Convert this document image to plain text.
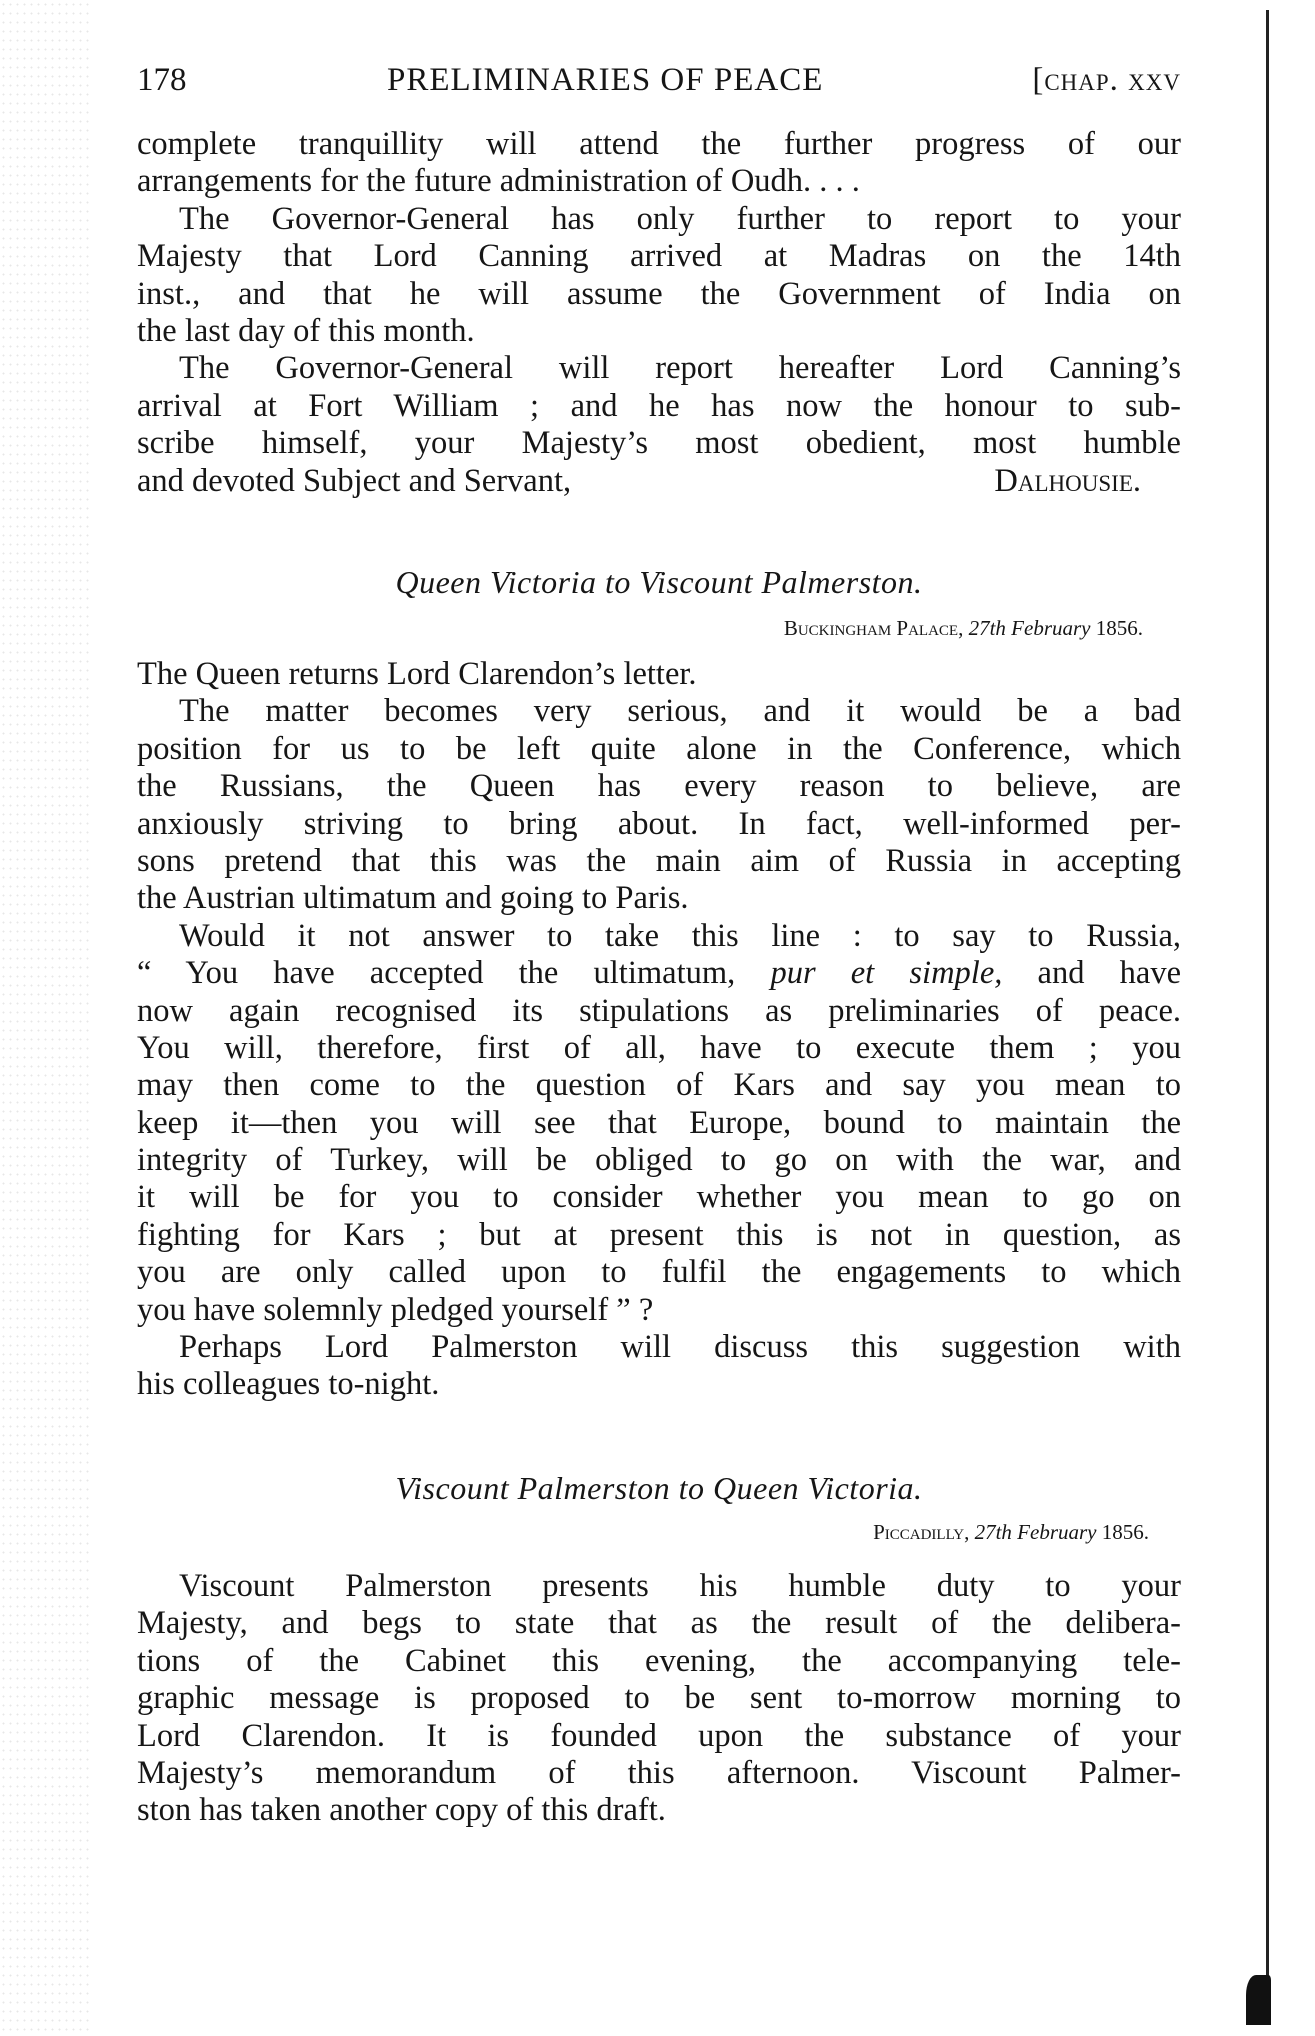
178	PRELIMINARIES OF PEACE	[chap. xxv
complete tranquillity will attend the further progress of our
arrangements for the future administration of Oudh. . . .
The Governor-General has only further to report to your
Majesty that Lord Canning arrived at Madras on the 14th
inst., and that he will assume the Government of India on
the last day of this month.
The Governor-General will report hereafter Lord Canning’s
arrival at Fort William ; and he has now the honour to sub-
scribe himself, your Majesty’s most obedient, most humble
and devoted Subject and Servant,	Dalhousie.
Queen Victoria to Viscount Palmerston.
Buckingham Palace, 27th February 1856.
The Queen returns Lord Clarendon’s letter.
The matter becomes very serious, and it would be a bad
position for us to be left quite alone in the Conference, which
the Russians, the Queen has every reason to believe, are
anxiously striving to bring about. In fact, well-informed per-
sons pretend that this was the main aim of Russia in accepting
the Austrian ultimatum and going to Paris.
Would it not answer to take this line : to say to Russia,
“ You have accepted the ultimatum, pur et simple, and have
now again recognised its stipulations as preliminaries of peace.
You will, therefore, first of all, have to execute them ; you
may then come to the question of Kars and say you mean to
keep it—then you will see that Europe, bound to maintain the
integrity of Turkey, will be obliged to go on with the war, and
it will be for you to consider whether you mean to go on
fighting for Kars ; but at present this is not in question, as
you are only called upon to fulfil the engagements to which
you have solemnly pledged yourself ” ?
Perhaps Lord Palmerston will discuss this suggestion with
his colleagues to-night.
Viscount Palmerston to Queen Victoria.
Piccadilly, 27th February 1856.
Viscount Palmerston presents his humble duty to your
Majesty, and begs to state that as the result of the delibera-
tions of the Cabinet this evening, the accompanying tele-
graphic message is proposed to be sent to-morrow morning to
Lord Clarendon. It is founded upon the substance of your
Majesty’s memorandum of this afternoon. Viscount Palmer-
ston has taken another copy of this draft.
